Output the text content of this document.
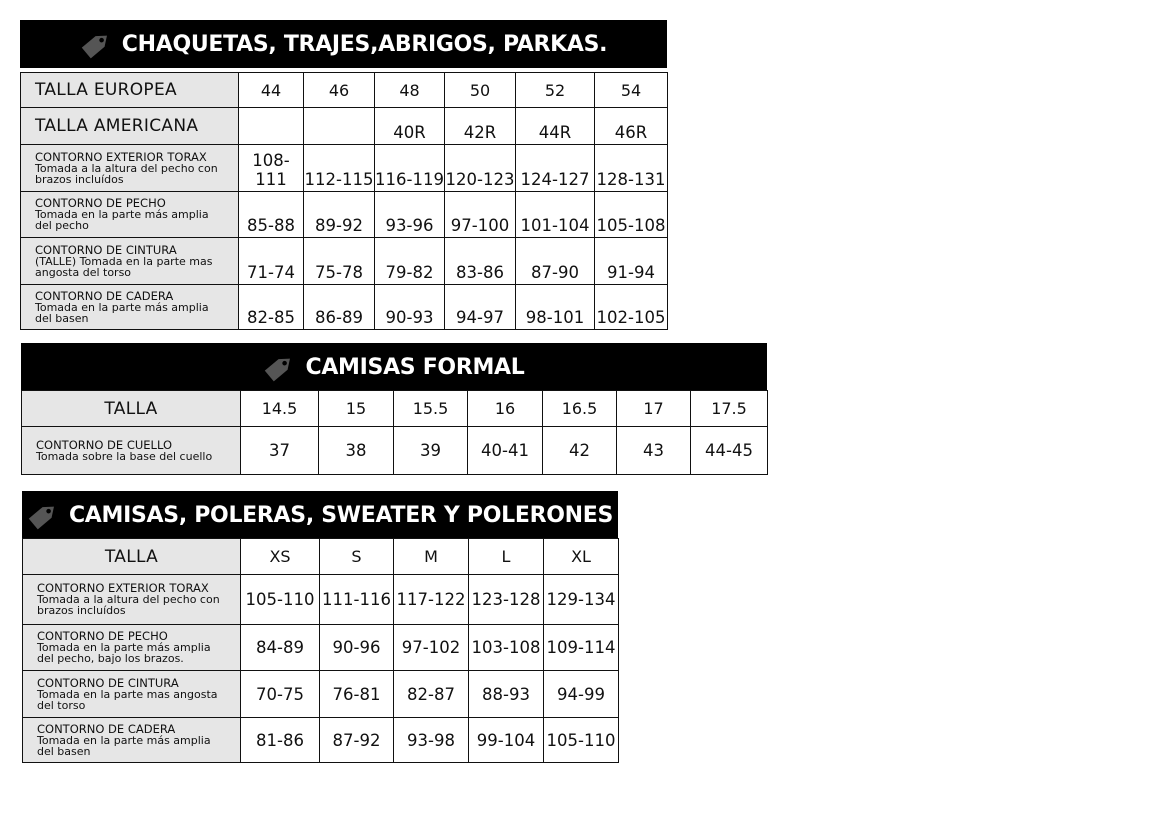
CHAQUETAS, TRAJES,ABRIGOS, PARKAS.
TALLA EUROPEA	44	46	48	50	52	54
TALLA AMERICANA			40R	42R	44R	46R

CONTORNO EXTERIOR TORAX
Tomada a la altura del pecho con
brazos incluídos	108-111	112-115	116-119	120-123	124-127	128-131

CONTORNO DE PECHO
Tomada en la parte más amplia
del pecho	85-88	89-92	93-96	97-100	101-104	105-108

CONTORNO DE CINTURA
(TALLE) Tomada en la parte mas
angosta del torso	71-74	75-78	79-82	83-86	87-90	91-94

CONTORNO DE CADERA
Tomada en la parte más amplia
del basen	82-85	86-89	90-93	94-97	98-101	102-105
CAMISAS FORMAL
TALLA	14.5	15	15.5	16	16.5	17	17.5

CONTORNO DE CUELLO
Tomada sobre la base del cuello	37	38	39	40-41	42	43	44-45
CAMISAS, POLERAS, SWEATER Y POLERONES
TALLA	XS	S	M	L	XL

CONTORNO EXTERIOR TORAX
Tomada a la altura del pecho con
brazos incluídos	105-110	111-116	117-122	123-128	129-134

CONTORNO DE PECHO
Tomada en la parte más amplia
del pecho, bajo los brazos.	84-89	90-96	97-102	103-108	109-114

CONTORNO DE CINTURA
Tomada en la parte mas angosta
del torso	70-75	76-81	82-87	88-93	94-99

CONTORNO DE CADERA
Tomada en la parte más amplia
del basen	81-86	87-92	93-98	99-104	105-110
